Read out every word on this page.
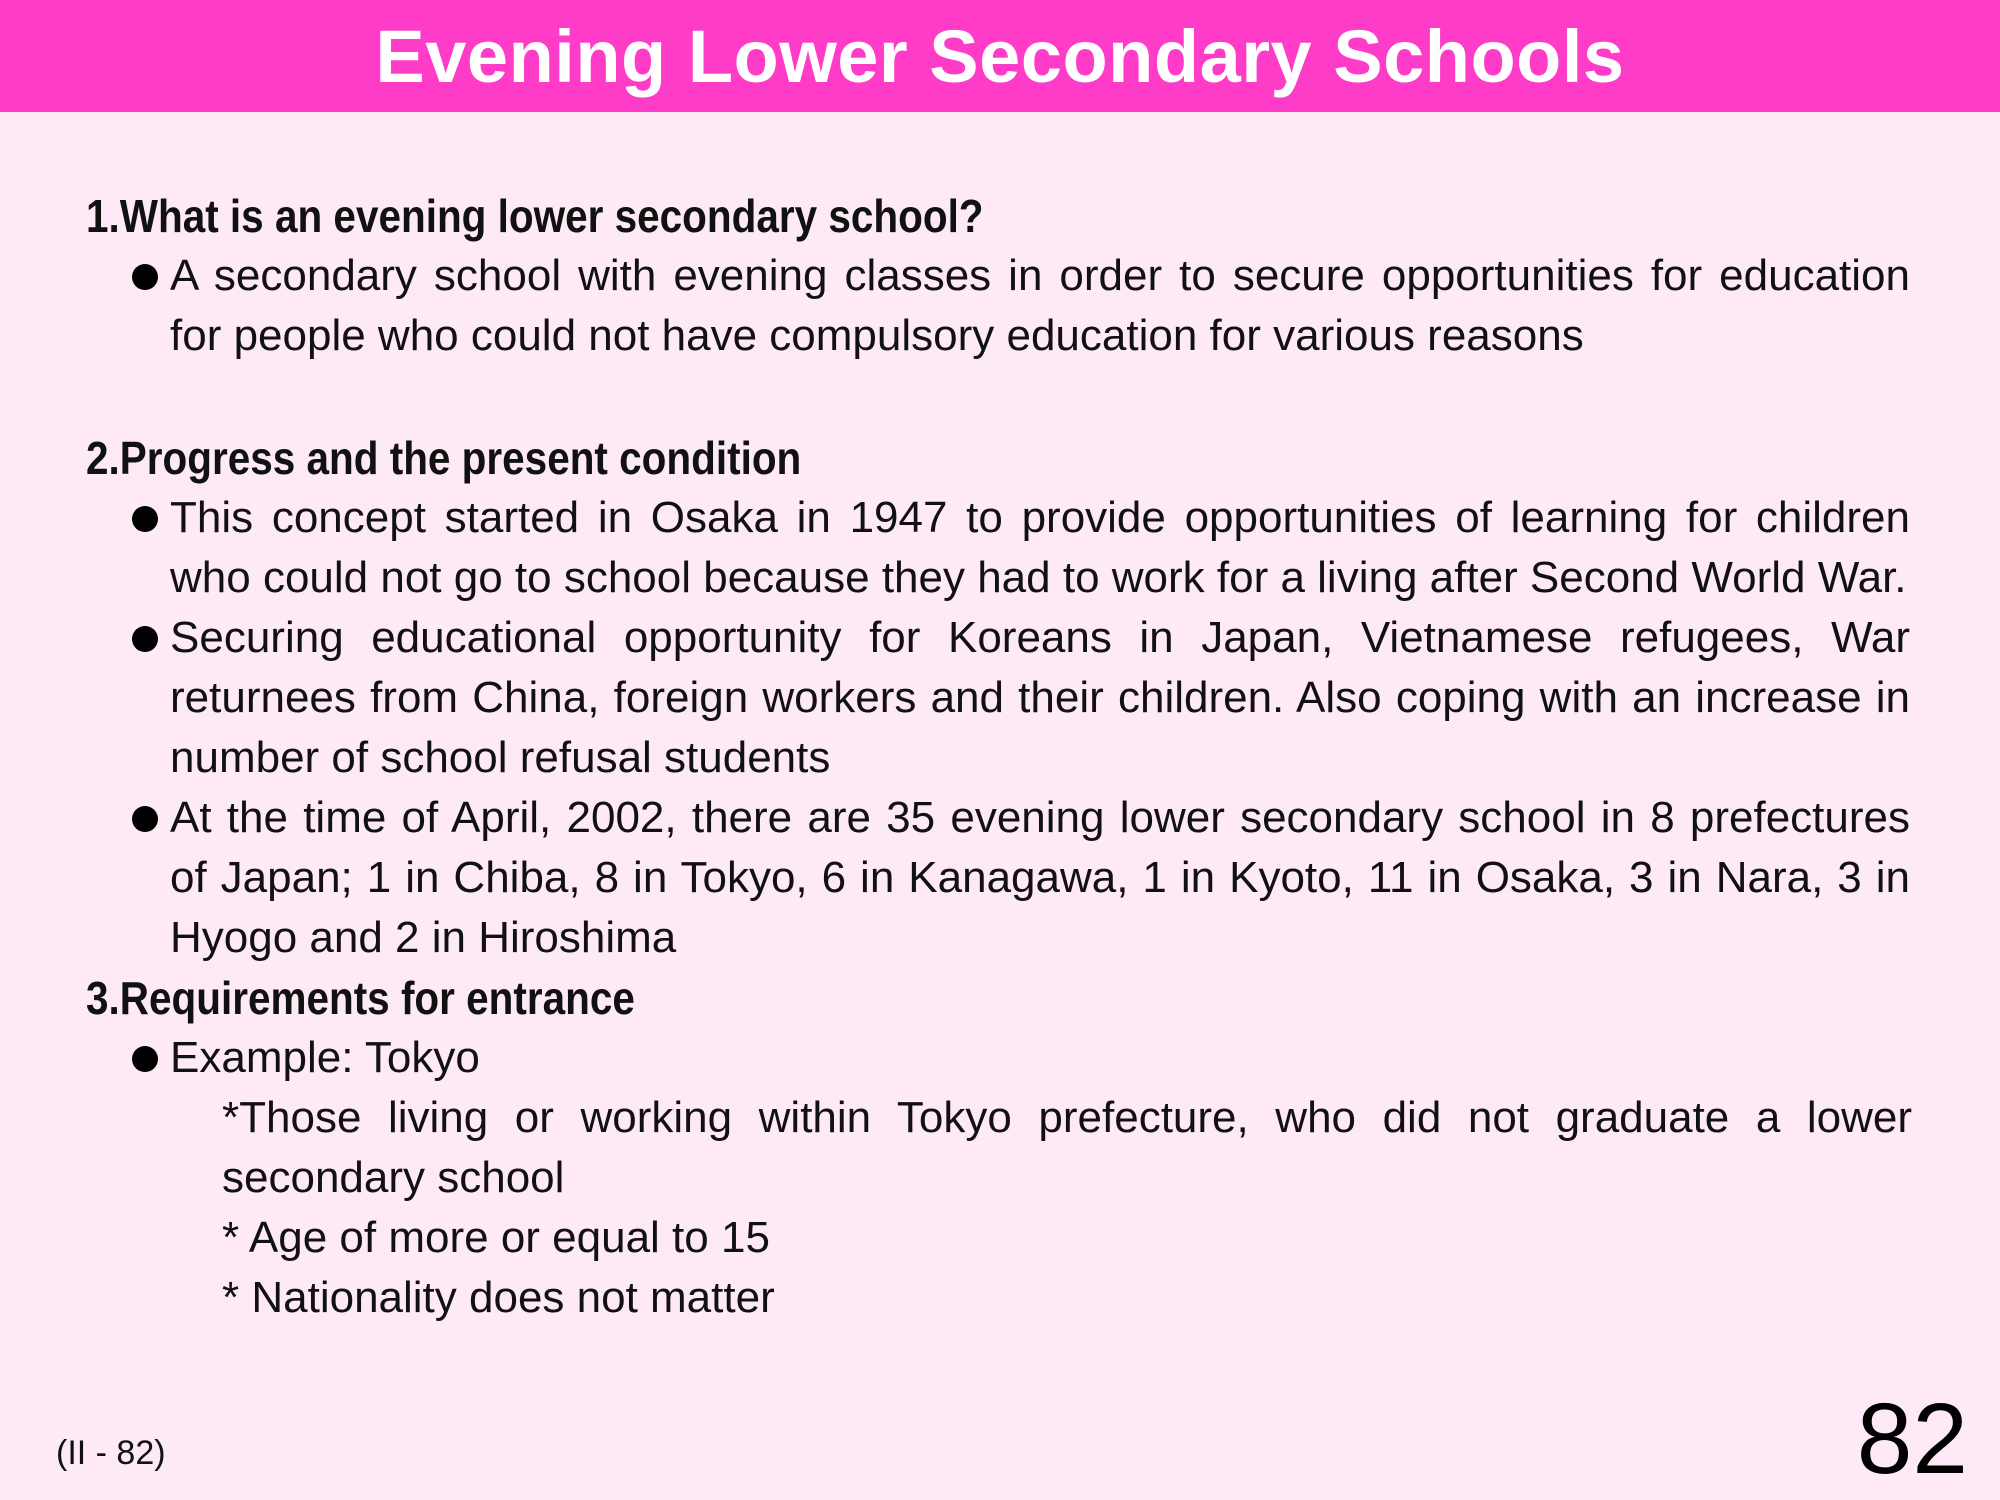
Evening Lower Secondary Schools

1.What is an evening lower secondary school?

A secondary school with evening classes in order to secure opportunities for education for people who could not have compulsory education for various reasons

2.Progress and the present condition

This concept started in Osaka in 1947 to provide opportunities of learning for children who could not go to school because they had to work for a living after Second World War.
Securing educational opportunity for Koreans in Japan, Vietnamese refugees, War returnees from China, foreign workers and their children. Also coping with an increase in number of school refusal students
At the time of April, 2002, there are 35 evening lower secondary school in 8 prefectures of Japan; 1 in Chiba, 8 in Tokyo, 6 in Kanagawa, 1 in Kyoto, 11 in Osaka, 3 in Nara, 3 in Hyogo and 2 in Hiroshima

3.Requirements for entrance

Example: Tokyo

*Those living or working within Tokyo prefecture, who did not graduate a lower secondary school

* Age of more or equal to 15

* Nationality does not matter

(II - 82)	82
